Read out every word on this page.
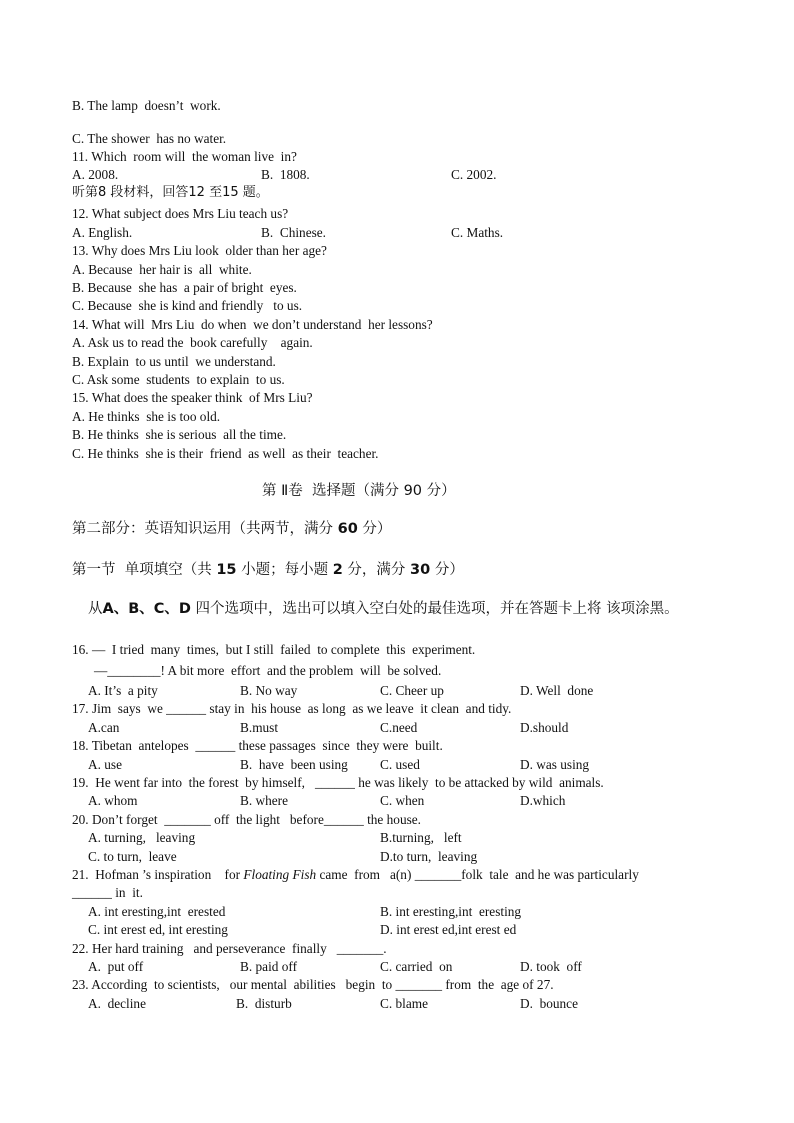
B. The lamp  doesn’t  work.
C. The shower  has no water.
11. Which  room will  the woman live  in?
A. 2008.	B.  1808.	C. 2002.
听第8 段材料，回答12 至15 题。
12. What subject does Mrs Liu teach us?
A. English.	B.  Chinese.	C. Maths.
13. Why does Mrs Liu look  older than her age?
A. Because  her hair is  all  white.
B. Because  she has  a pair of bright  eyes.
C. Because  she is kind and friendly   to us.
14. What will  Mrs Liu  do when  we don’t understand  her lessons?
A. Ask us to read the  book carefully    again.
B. Explain  to us until  we understand.
C. Ask some  students  to explain  to us.
15. What does the speaker think  of Mrs Liu?
A. He thinks  she is too old.
B. He thinks  she is serious  all the time.
C. He thinks  she is their  friend  as well  as their  teacher.
第 Ⅱ卷  选择题（满分 90 分）
第二部分：英语知识运用（共两节，满分 60 分）
第一节  单项填空（共 15 小题；每小题 2 分，满分 30 分）
从A、B、C、D 四个选项中，选出可以填入空白处的最佳选项，并在答题卡上将 该项涂黑。
16. —  I tried  many  times,  but I still  failed  to complete  this  experiment.
—________! A bit more  effort  and the problem  will  be solved.
A. It’s  a pity	B. No way	C. Cheer up	D. Well  done
17. Jim  says  we ______ stay in  his house  as long  as we leave  it clean  and tidy.
A.can	B.must	C.need	D.should
18. Tibetan  antelopes  ______ these passages  since  they were  built.
A. use	B.  have  been using C. used	D. was using
19.  He went far into  the forest  by himself,   ______ he was likely  to be attacked by wild  animals.
A. whom	B. where	C. when	D.which
20. Don’t forget  _______ off  the light   before______ the house.
A. turning,   leaving	B.turning,   left
C. to turn,  leave	D.to turn,  leaving
21.  Hofman ’s inspiration    for Floating Fish came  from   a(n) _______folk  tale  and he was particularly
______ in  it.
A. int eresting,int  erested	B. int eresting,int  eresting
C. int erest ed, int eresting	D. int erest ed,int erest ed
22. Her hard training   and perseverance  finally   _______.
A.  put off	B. paid off	C. carried  on	D. took  off
23. According  to scientists,   our mental  abilities   begin  to _______ from  the  age of 27.
A.  decline	B.  disturb	C. blame	D.  bounce
